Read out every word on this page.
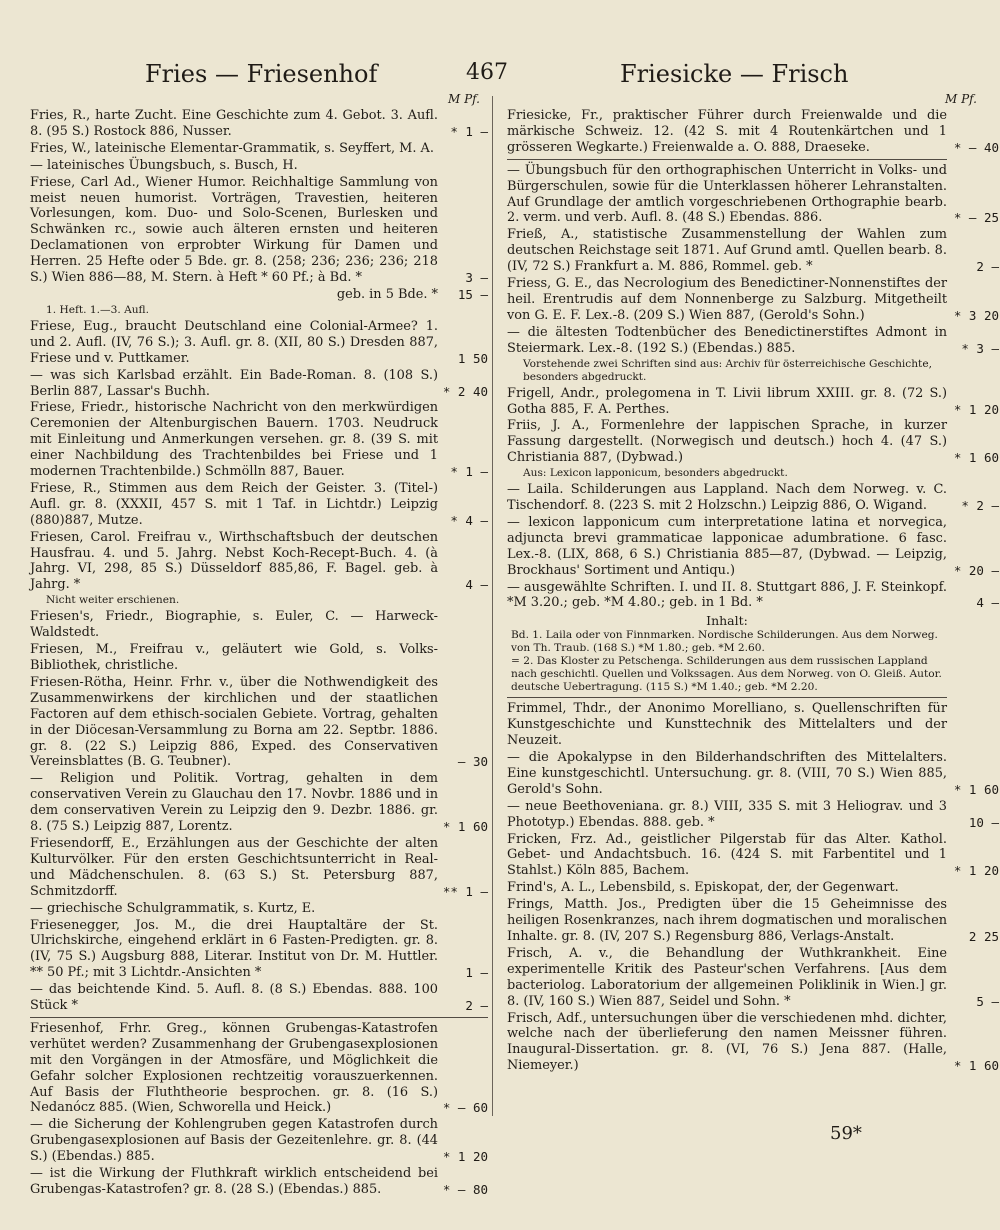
Fries — Friesenhof	467	Friesicke — Frisch
M Pf.
Fries, R., harte Zucht. Eine Geschichte zum 4. Gebot. 3. Aufl. 8. (95 S.) Rostock 886, Nusser.	* 1 —
Fries, W., lateinische Elementar-Grammatik, s. Seyffert, M. A.
— lateinisches Übungsbuch, s. Busch, H.
Friese, Carl Ad., Wiener Humor. Reichhaltige Sammlung von meist neuen humorist. Vorträgen, Travestien, heiteren Vorlesungen, kom. Duo- und Solo-Scenen, Burlesken und Schwänken rc., sowie auch älteren ernsten und heiteren Declamationen von erprobter Wirkung für Damen und Herren. 25 Hefte oder 5 Bde. gr. 8. (258; 236; 236; 236; 218 S.) Wien 886—88, M. Stern. à Heft * 60 Pf.; à Bd. *	3 —
geb. in 5 Bde. *	15 —
1. Heft. 1.—3. Aufl.
Friese, Eug., braucht Deutschland eine Colonial-Armee? 1. und 2. Aufl. (IV, 76 S.); 3. Aufl. gr. 8. (XII, 80 S.) Dresden 887, Friese und v. Puttkamer.	1 50
— was sich Karlsbad erzählt. Ein Bade-Roman. 8. (108 S.) Berlin 887, Lassar's Buchh.	* 2 40
Friese, Friedr., historische Nachricht von den merkwürdigen Ceremonien der Altenburgischen Bauern. 1703. Neudruck mit Einleitung und Anmerkungen versehen. gr. 8. (39 S. mit einer Nachbildung des Trachtenbildes bei Friese und 1 modernen Trachtenbilde.) Schmölln 887, Bauer.	* 1 —
Friese, R., Stimmen aus dem Reich der Geister. 3. (Titel-) Aufl. gr. 8. (XXXII, 457 S. mit 1 Taf. in Lichtdr.) Leipzig (880)887, Mutze.	* 4 —
Friesen, Carol. Freifrau v., Wirthschaftsbuch der deutschen Hausfrau. 4. und 5. Jahrg. Nebst Koch-Recept-Buch. 4. (à Jahrg. VI, 298, 85 S.) Düsseldorf 885,86, F. Bagel. geb. à Jahrg. *	4 —
Nicht weiter erschienen.
Friesen's, Friedr., Biographie, s. Euler, C. — Harweck-Waldstedt.
Friesen, M., Freifrau v., geläutert wie Gold, s. Volks-Bibliothek, christliche.
Friesen-Rötha, Heinr. Frhr. v., über die Nothwendigkeit des Zusammenwirkens der kirchlichen und der staatlichen Factoren auf dem ethisch-socialen Gebiete. Vortrag, gehalten in der Diöcesan-Versammlung zu Borna am 22. Septbr. 1886. gr. 8. (22 S.) Leipzig 886, Exped. des Conservativen Vereinsblattes (B. G. Teubner).	— 30
— Religion und Politik. Vortrag, gehalten in dem conservativen Verein zu Glauchau den 17. Novbr. 1886 und in dem conservativen Verein zu Leipzig den 9. Dezbr. 1886. gr. 8. (75 S.) Leipzig 887, Lorentz.	* 1 60
Friesendorff, E., Erzählungen aus der Geschichte der alten Kulturvölker. Für den ersten Geschichtsunterricht in Real- und Mädchenschulen. 8. (63 S.) St. Petersburg 887, Schmitzdorff.	** 1 —
— griechische Schulgrammatik, s. Kurtz, E.
Friesenegger, Jos. M., die drei Hauptaltäre der St. Ulrichskirche, eingehend erklärt in 6 Fasten-Predigten. gr. 8. (IV, 75 S.) Augsburg 888, Literar. Institut von Dr. M. Huttler. ** 50 Pf.; mit 3 Lichtdr.-Ansichten *	1 —
— das beichtende Kind. 5. Aufl. 8. (8 S.) Ebendas. 888. 100 Stück *	2 —
Friesenhof, Frhr. Greg., können Grubengas-Katastrofen verhütet werden? Zusammenhang der Grubengasexplosionen mit den Vorgängen in der Atmosfäre, und Möglichkeit die Gefahr solcher Explosionen rechtzeitig vorauszuerkennen. Auf Basis der Fluththeorie besprochen. gr. 8. (16 S.) Nedanócz 885. (Wien, Schworella und Heick.)	* — 60
— die Sicherung der Kohlengruben gegen Katastrofen durch Grubengasexplosionen auf Basis der Gezeitenlehre. gr. 8. (44 S.) (Ebendas.) 885.	* 1 20
— ist die Wirkung der Fluthkraft wirklich entscheidend bei Grubengas-Katastrofen? gr. 8. (28 S.) (Ebendas.) 885.	* — 80
M Pf.
Friesicke, Fr., praktischer Führer durch Freienwalde und die märkische Schweiz. 12. (42 S. mit 4 Routenkärtchen und 1 grösseren Wegkarte.) Freienwalde a. O. 888, Draeseke.	* — 40
— Übungsbuch für den orthographischen Unterricht in Volks- und Bürgerschulen, sowie für die Unterklassen höherer Lehranstalten. Auf Grundlage der amtlich vorgeschriebenen Orthographie bearb. 2. verm. und verb. Aufl. 8. (48 S.) Ebendas. 886.	* — 25
Frieß, A., statistische Zusammenstellung der Wahlen zum deutschen Reichstage seit 1871. Auf Grund amtl. Quellen bearb. 8. (IV, 72 S.) Frankfurt a. M. 886, Rommel. geb. *	2 —
Friess, G. E., das Necrologium des Benedictiner-Nonnenstiftes der heil. Erentrudis auf dem Nonnenberge zu Salzburg. Mitgetheilt von G. E. F. Lex.-8. (209 S.) Wien 887, (Gerold's Sohn.)	* 3 20
— die ältesten Todtenbücher des Benedictinerstiftes Admont in Steiermark. Lex.-8. (192 S.) (Ebendas.) 885.	* 3 —
Vorstehende zwei Schriften sind aus: Archiv für österreichische Geschichte, besonders abgedruckt.
Frigell, Andr., prolegomena in T. Livii librum XXIII. gr. 8. (72 S.) Gotha 885, F. A. Perthes.	* 1 20
Friis, J. A., Formenlehre der lappischen Sprache, in kurzer Fassung dargestellt. (Norwegisch und deutsch.) hoch 4. (47 S.) Christiania 887, (Dybwad.)	* 1 60
Aus: Lexicon lapponicum, besonders abgedruckt.
— Laila. Schilderungen aus Lappland. Nach dem Norweg. v. C. Tischendorf. 8. (223 S. mit 2 Holzschn.) Leipzig 886, O. Wigand.	* 2 —
— lexicon lapponicum cum interpretatione latina et norvegica, adjuncta brevi grammaticae lapponicae adumbratione. 6 fasc. Lex.-8. (LIX, 868, 6 S.) Christiania 885—87, (Dybwad. — Leipzig, Brockhaus' Sortiment und Antiqu.)	* 20 —
— ausgewählte Schriften. I. und II. 8. Stuttgart 886, J. F. Steinkopf. *M 3.20.; geb. *M 4.80.; geb. in 1 Bd. *	4 —
Inhalt:
Bd. 1. Laila oder von Finnmarken. Nordische Schilderungen. Aus dem Norweg. von Th. Traub. (168 S.) *M 1.80.; geb. *M 2.60.
= 2. Das Kloster zu Petschenga. Schilderungen aus dem russischen Lappland nach geschichtl. Quellen und Volkssagen. Aus dem Norweg. von O. Gleiß. Autor. deutsche Uebertragung. (115 S.) *M 1.40.; geb. *M 2.20.
Frimmel, Thdr., der Anonimo Morelliano, s. Quellenschriften für Kunstgeschichte und Kunsttechnik des Mittelalters und der Neuzeit.
— die Apokalypse in den Bilderhandschriften des Mittelalters. Eine kunstgeschichtl. Untersuchung. gr. 8. (VIII, 70 S.) Wien 885, Gerold's Sohn.	* 1 60
— neue Beethoveniana. gr. 8.) VIII, 335 S. mit 3 Heliograv. und 3 Phototyp.) Ebendas. 888. geb. *	10 —
Fricken, Frz. Ad., geistlicher Pilgerstab für das Alter. Kathol. Gebet- und Andachtsbuch. 16. (424 S. mit Farbentitel und 1 Stahlst.) Köln 885, Bachem.	* 1 20
Frind's, A. L., Lebensbild, s. Episkopat, der, der Gegenwart.
Frings, Matth. Jos., Predigten über die 15 Geheimnisse des heiligen Rosenkranzes, nach ihrem dogmatischen und moralischen Inhalte. gr. 8. (IV, 207 S.) Regensburg 886, Verlags-Anstalt.	2 25
Frisch, A. v., die Behandlung der Wuthkrankheit. Eine experimentelle Kritik des Pasteur'schen Verfahrens. [Aus dem bacteriolog. Laboratorium der allgemeinen Poliklinik in Wien.] gr. 8. (IV, 160 S.) Wien 887, Seidel und Sohn. *	5 —
Frisch, Adf., untersuchungen über die verschiedenen mhd. dichter, welche nach der überlieferung den namen Meissner führen. Inaugural-Dissertation. gr. 8. (VI, 76 S.) Jena 887. (Halle, Niemeyer.)	* 1 60
59*
